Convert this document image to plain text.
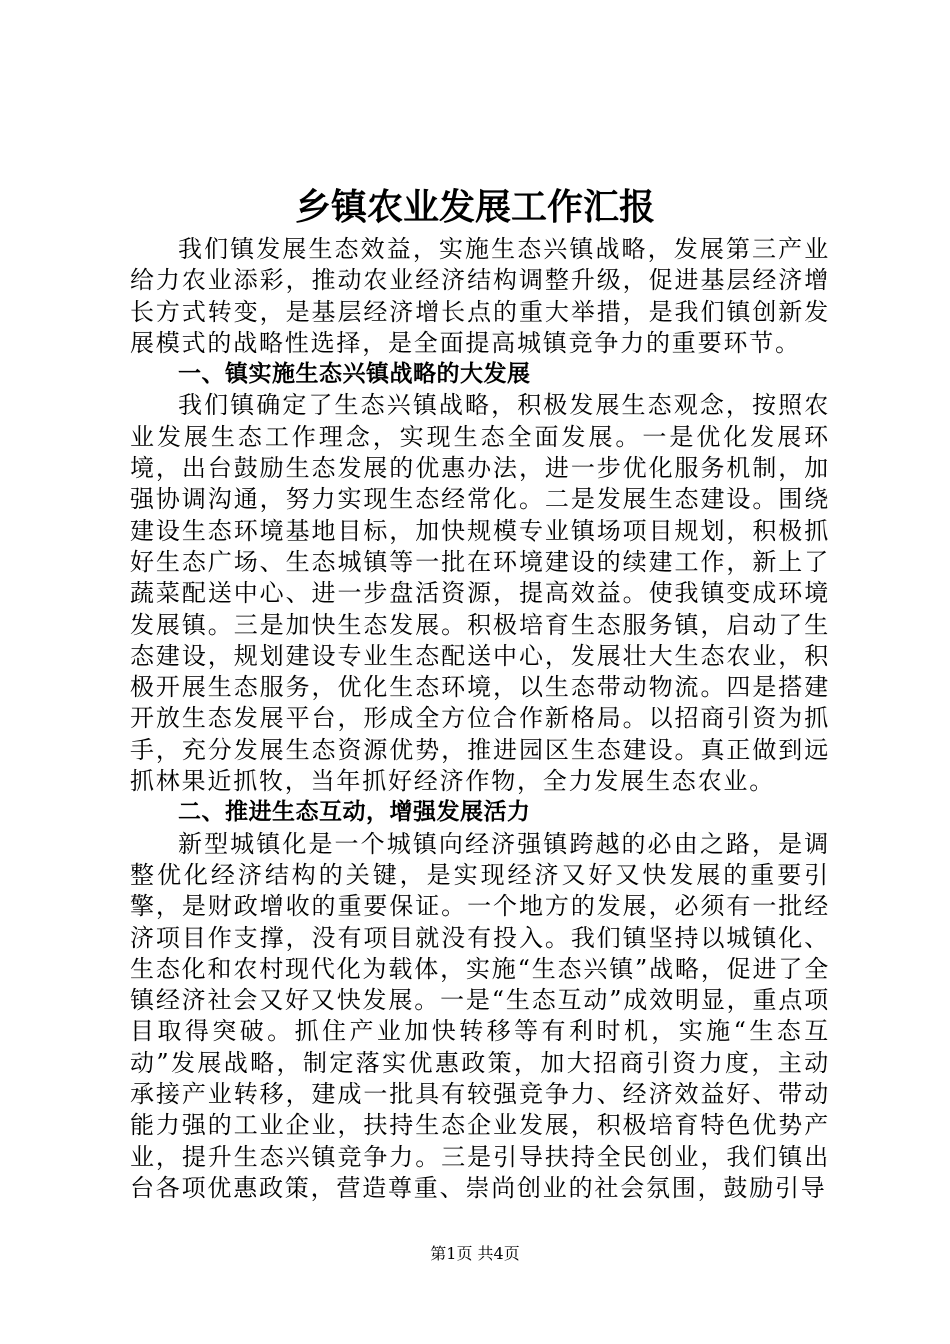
乡镇农业发展工作汇报

我们镇发展生态效益，实施生态兴镇战略，发展第三产业给力农业添彩，推动农业经济结构调整升级，促进基层经济增长方式转变，是基层经济增长点的重大举措，是我们镇创新发展模式的战略性选择，是全面提高城镇竞争力的重要环节。

一、镇实施生态兴镇战略的大发展

我们镇确定了生态兴镇战略，积极发展生态观念，按照农业发展生态工作理念，实现生态全面发展。一是优化发展环境，出台鼓励生态发展的优惠办法，进一步优化服务机制，加强协调沟通，努力实现生态经常化。二是发展生态建设。围绕建设生态环境基地目标，加快规模专业镇场项目规划，积极抓好生态广场、生态城镇等一批在环境建设的续建工作，新上了蔬菜配送中心、进一步盘活资源，提高效益。使我镇变成环境发展镇。三是加快生态发展。积极培育生态服务镇，启动了生态建设，规划建设专业生态配送中心，发展壮大生态农业，积极开展生态服务，优化生态环境，以生态带动物流。四是搭建开放生态发展平台，形成全方位合作新格局。以招商引资为抓手，充分发展生态资源优势，推进园区生态建设。真正做到远抓林果近抓牧，当年抓好经济作物，全力发展生态农业。

二、推进生态互动，增强发展活力

新型城镇化是一个城镇向经济强镇跨越的必由之路，是调整优化经济结构的关键，是实现经济又好又快发展的重要引擎，是财政增收的重要保证。一个地方的发展，必须有一批经济项目作支撑，没有项目就没有投入。我们镇坚持以城镇化、生态化和农村现代化为载体，实施“生态兴镇”战略，促进了全镇经济社会又好又快发展。一是“生态互动”成效明显，重点项目取得突破。抓住产业加快转移等有利时机，实施“生态互动”发展战略，制定落实优惠政策，加大招商引资力度，主动承接产业转移，建成一批具有较强竞争力、经济效益好、带动能力强的工业企业，扶持生态企业发展，积极培育特色优势产业，提升生态兴镇竞争力。三是引导扶持全民创业，我们镇出台各项优惠政策，营造尊重、崇尚创业的社会氛围，鼓励引导

第1页 共4页
